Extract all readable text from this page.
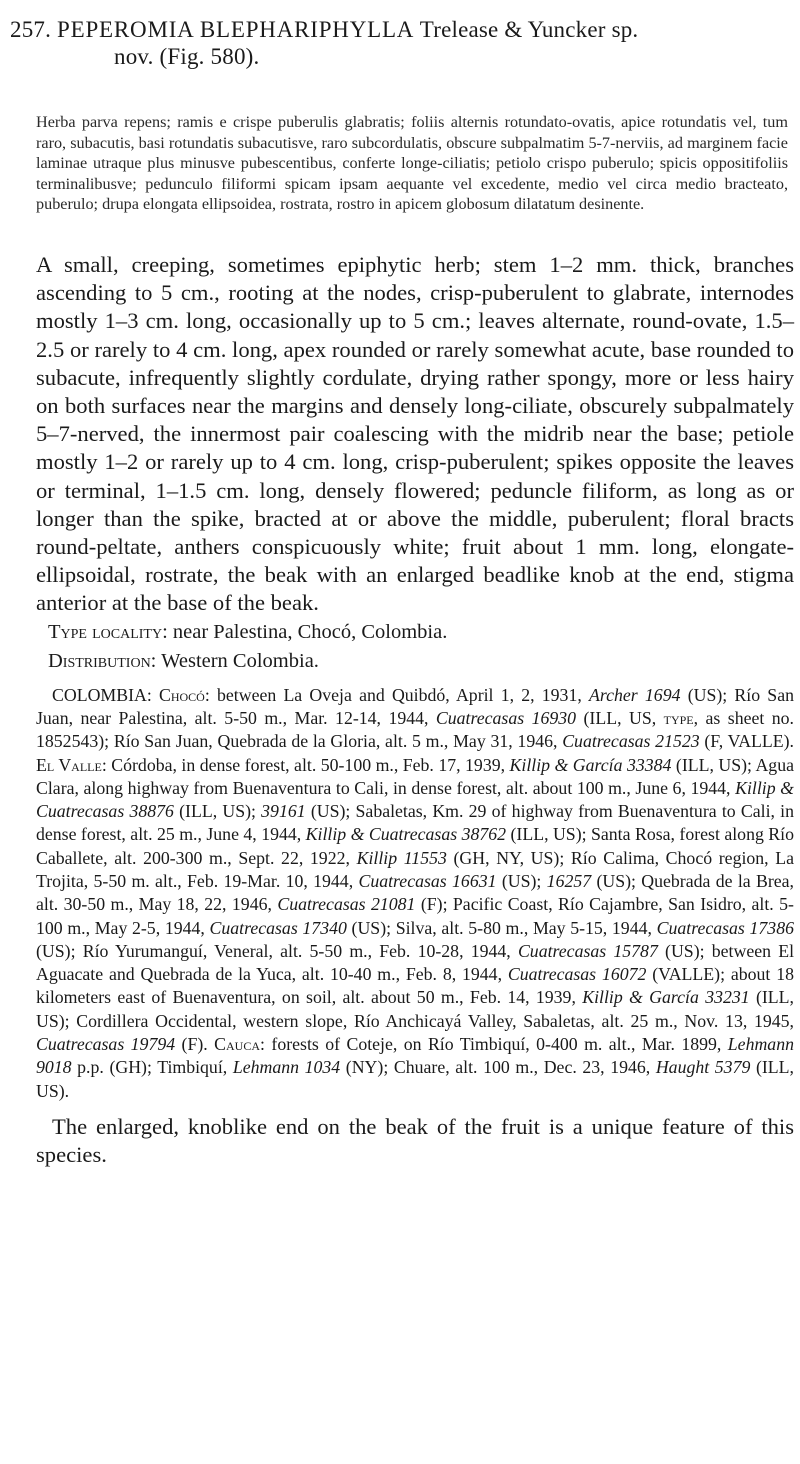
257. PEPEROMIA BLEPHARIPHYLLA Trelease & Yuncker sp.
nov. (Fig. 580).

Herba parva repens; ramis e crispe puberulis glabratis; foliis alternis rotundato-ovatis, apice rotundatis vel, tum raro, subacutis, basi rotundatis subacutisve, raro subcordulatis, obscure subpalmatim 5-7-nerviis, ad marginem facie laminae utraque plus minusve pubescentibus, conferte longe-ciliatis; petiolo crispo puberulo; spicis oppositifoliis terminalibusve; pedunculo filiformi spicam ipsam aequante vel excedente, medio vel circa medio bracteato, puberulo; drupa elongata ellipsoidea, rostrata, rostro in apicem globosum dilatatum desinente.

A small, creeping, sometimes epiphytic herb; stem 1–2 mm. thick, branches ascending to 5 cm., rooting at the nodes, crisp-puberulent to glabrate, internodes mostly 1–3 cm. long, occasionally up to 5 cm.; leaves alternate, round-ovate, 1.5–2.5 or rarely to 4 cm. long, apex rounded or rarely somewhat acute, base rounded to subacute, infrequently slightly cordulate, drying rather spongy, more or less hairy on both surfaces near the margins and densely long-ciliate, obscurely subpalmately 5–7-nerved, the innermost pair coalescing with the midrib near the base; petiole mostly 1–2 or rarely up to 4 cm. long, crisp-puberulent; spikes opposite the leaves or terminal, 1–1.5 cm. long, densely flowered; peduncle filiform, as long as or longer than the spike, bracted at or above the middle, puberulent; floral bracts round-peltate, anthers conspicuously white; fruit about 1 mm. long, elongate-ellipsoidal, rostrate, the beak with an enlarged beadlike knob at the end, stigma anterior at the base of the beak.

Type locality: near Palestina, Chocó, Colombia.
Distribution: Western Colombia.

COLOMBIA: Chocó: between La Oveja and Quibdó, April 1, 2, 1931, Archer 1694 (US); Río San Juan, near Palestina, alt. 5-50 m., Mar. 12-14, 1944, Cuatrecasas 16930 (ILL, US, type, as sheet no. 1852543); Río San Juan, Quebrada de la Gloria, alt. 5 m., May 31, 1946, Cuatrecasas 21523 (F, VALLE). El Valle: Córdoba, in dense forest, alt. 50-100 m., Feb. 17, 1939, Killip & García 33384 (ILL, US); Agua Clara, along highway from Buenaventura to Cali, in dense forest, alt. about 100 m., June 6, 1944, Killip & Cuatrecasas 38876 (ILL, US); 39161 (US); Sabaletas, Km. 29 of highway from Buenaventura to Cali, in dense forest, alt. 25 m., June 4, 1944, Killip & Cuatrecasas 38762 (ILL, US); Santa Rosa, forest along Río Caballete, alt. 200-300 m., Sept. 22, 1922, Killip 11553 (GH, NY, US); Río Calima, Chocó region, La Trojita, 5-50 m. alt., Feb. 19-Mar. 10, 1944, Cuatrecasas 16631 (US); 16257 (US); Quebrada de la Brea, alt. 30-50 m., May 18, 22, 1946, Cuatrecasas 21081 (F); Pacific Coast, Río Cajambre, San Isidro, alt. 5-100 m., May 2-5, 1944, Cuatrecasas 17340 (US); Silva, alt. 5-80 m., May 5-15, 1944, Cuatrecasas 17386 (US); Río Yurumanguí, Veneral, alt. 5-50 m., Feb. 10-28, 1944, Cuatrecasas 15787 (US); between El Aguacate and Quebrada de la Yuca, alt. 10-40 m., Feb. 8, 1944, Cuatrecasas 16072 (VALLE); about 18 kilometers east of Buenaventura, on soil, alt. about 50 m., Feb. 14, 1939, Killip & García 33231 (ILL, US); Cordillera Occidental, western slope, Río Anchicayá Valley, Sabaletas, alt. 25 m., Nov. 13, 1945, Cuatrecasas 19794 (F). Cauca: forests of Coteje, on Río Timbiquí, 0-400 m. alt., Mar. 1899, Lehmann 9018 p.p. (GH); Timbiquí, Lehmann 1034 (NY); Chuare, alt. 100 m., Dec. 23, 1946, Haught 5379 (ILL, US).

The enlarged, knoblike end on the beak of the fruit is a unique feature of this species.
